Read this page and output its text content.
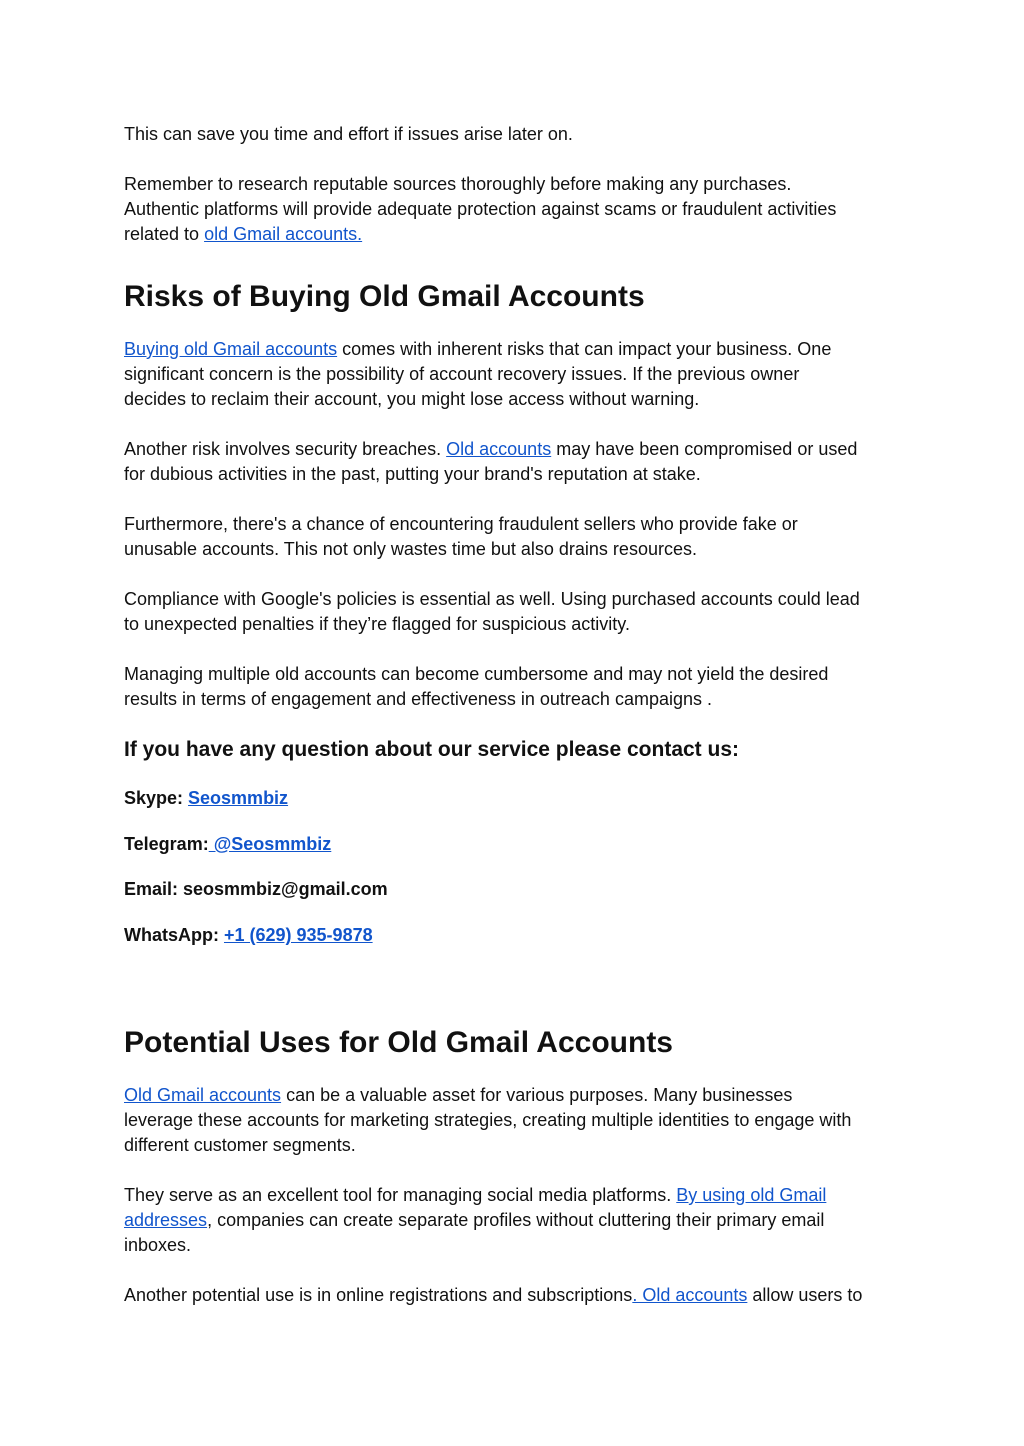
This can save you time and effort if issues arise later on.

Remember to research reputable sources thoroughly before making any purchases.
Authentic platforms will provide adequate protection against scams or fraudulent activities
related to old Gmail accounts.

Risks of Buying Old Gmail Accounts

Buying old Gmail accounts comes with inherent risks that can impact your business. One
significant concern is the possibility of account recovery issues. If the previous owner
decides to reclaim their account, you might lose access without warning.

Another risk involves security breaches. Old accounts may have been compromised or used
for dubious activities in the past, putting your brand's reputation at stake.

Furthermore, there's a chance of encountering fraudulent sellers who provide fake or
unusable accounts. This not only wastes time but also drains resources.

Compliance with Google's policies is essential as well. Using purchased accounts could lead
to unexpected penalties if they’re flagged for suspicious activity.

Managing multiple old accounts can become cumbersome and may not yield the desired
results in terms of engagement and effectiveness in outreach campaigns .

If you have any question about our service please contact us:

Skype: Seosmmbiz

Telegram: @Seosmmbiz

Email: seosmmbiz@gmail.com

WhatsApp: +1 (629) 935-9878

Potential Uses for Old Gmail Accounts

Old Gmail accounts can be a valuable asset for various purposes. Many businesses
leverage these accounts for marketing strategies, creating multiple identities to engage with
different customer segments.

They serve as an excellent tool for managing social media platforms. By using old Gmail
addresses, companies can create separate profiles without cluttering their primary email
inboxes.

Another potential use is in online registrations and subscriptions. Old accounts allow users to
